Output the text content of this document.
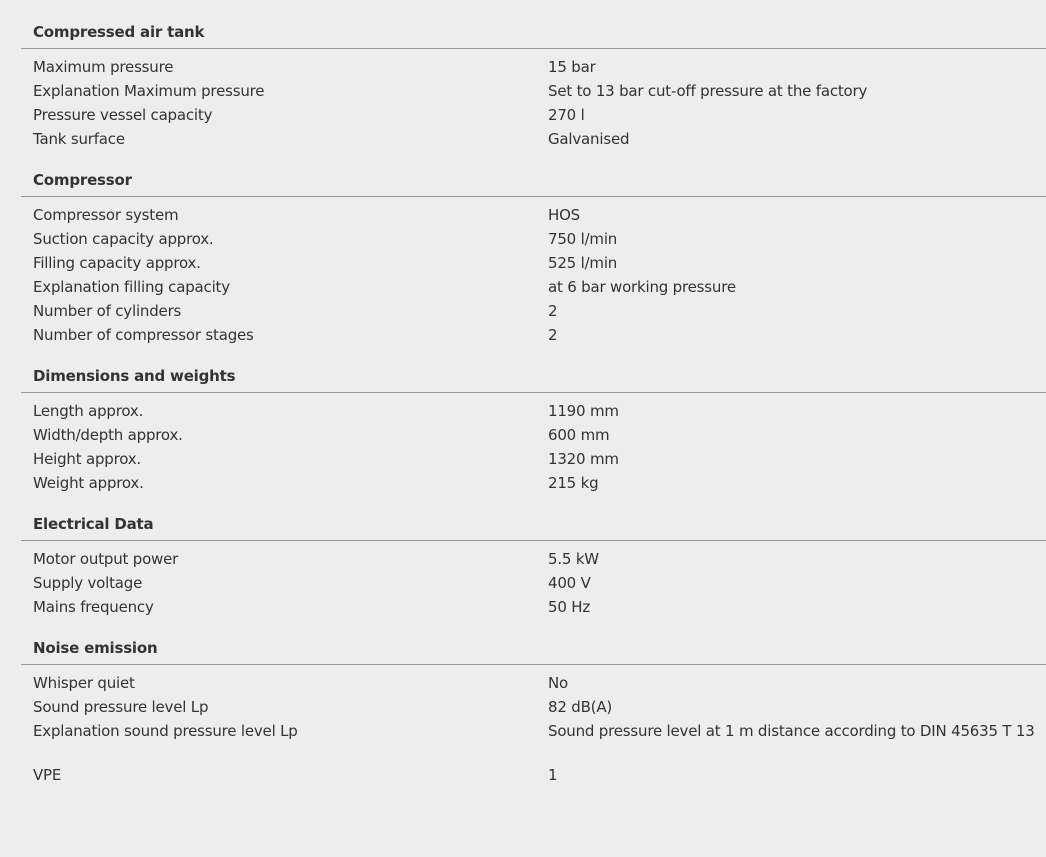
Compressed air tank
Maximum pressure	15 bar
Explanation Maximum pressure	Set to 13 bar cut-off pressure at the factory
Pressure vessel capacity	270 l
Tank surface	Galvanised
Compressor
Compressor system	HOS
Suction capacity approx.	750 l/min
Filling capacity approx.	525 l/min
Explanation filling capacity	at 6 bar working pressure
Number of cylinders	2
Number of compressor stages	2
Dimensions and weights
Length approx.	1190 mm
Width/depth approx.	600 mm
Height approx.	1320 mm
Weight approx.	215 kg
Electrical Data
Motor output power	5.5 kW
Supply voltage	400 V
Mains frequency	50 Hz
Noise emission
Whisper quiet	No
Sound pressure level Lp	82 dB(A)
Explanation sound pressure level Lp	Sound pressure level at 1 m distance according to DIN 45635 T 13
VPE	1
